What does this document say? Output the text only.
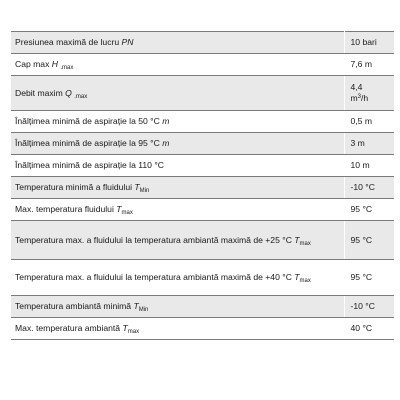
Presiunea maximă de lucru PN	10 bari
Cap max H $_{.max}$	7,6 m
Debit maxim Q $_{.max}$	4,4
$m^3/h$
Înălțimea minimă de aspirație la 50 °C m	0,5 m
Înălțimea minimă de aspirație la 95 °C m	3 m
Înălțimea minimă de aspirație la 110 °C	10 m
Temperatura minimă a fluidului $T_{Min}$	-10 °C
Max. temperatura fluidului $T_{max}$	95 °C
Temperatura max. a fluidului la temperatura ambiantă maximă de +25 °C $T_{max}$	95 °C
Temperatura max. a fluidului la temperatura ambiantă maximă de +40 °C $T_{max}$	95 °C
Temperatura ambiantă minimă $T_{Min}$	-10 °C
Max. temperatura ambiantă $T_{max}$	40 °C
